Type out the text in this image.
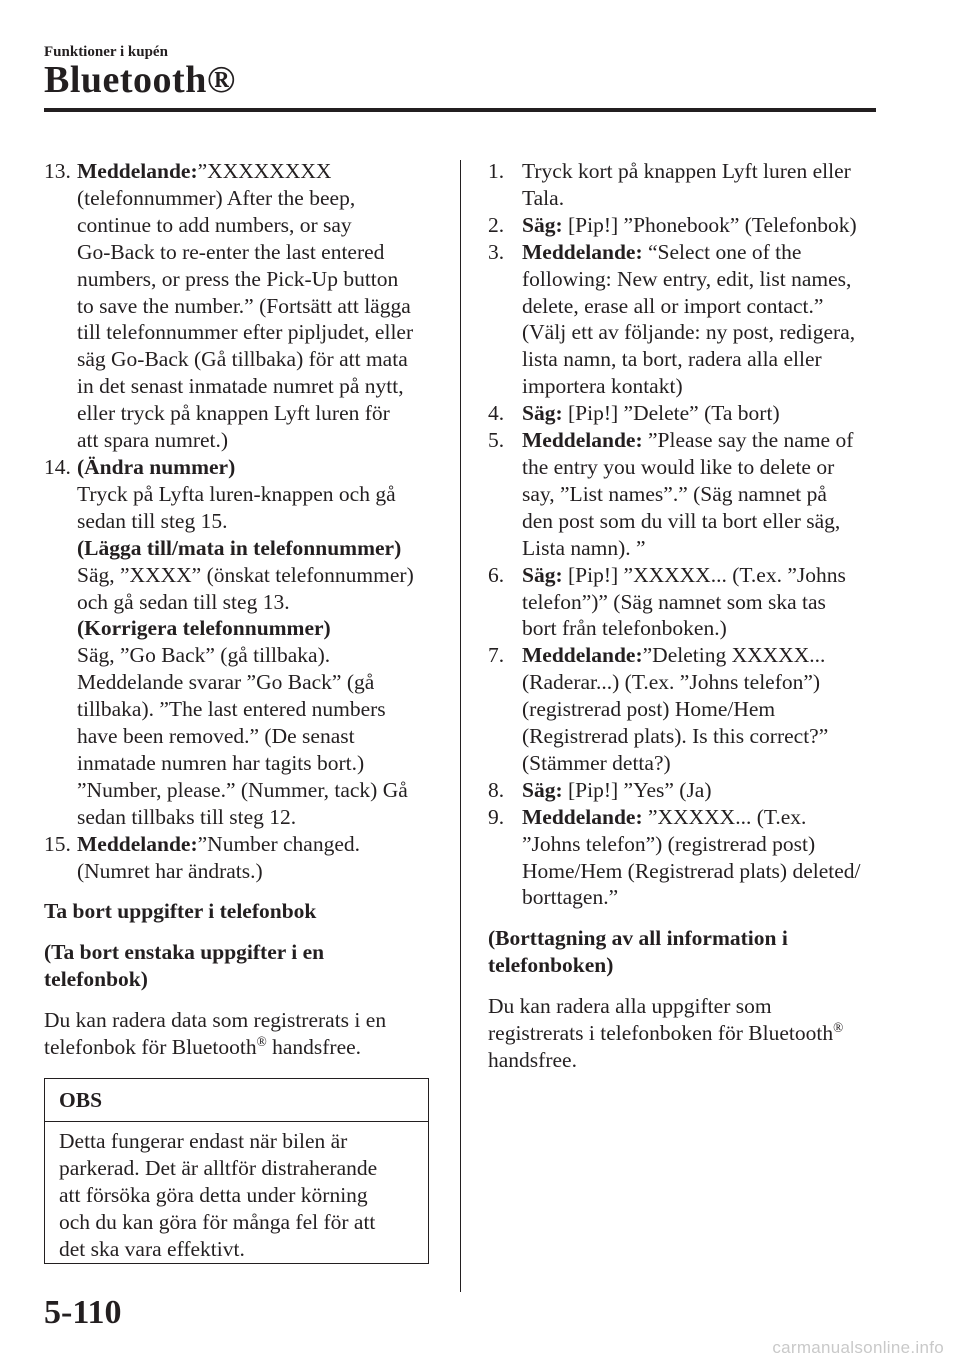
Funktioner i kupén
Bluetooth®
13. Meddelande:”XXXXXXXX
(telefonnummer) After the beep,
continue to add numbers, or say
Go-Back to re-enter the last entered
numbers, or press the Pick-Up button
to save the number.” (Fortsätt att lägga
till telefonnummer efter pipljudet, eller
säg Go-Back (Gå tillbaka) för att mata
in det senast inmatade numret på nytt,
eller tryck på knappen Lyft luren för
att spara numret.)
14. (Ändra nummer)
Tryck på Lyfta luren-knappen och gå
sedan till steg 15.
(Lägga till/mata in telefonnummer)
Säg, ”XXXX” (önskat telefonnummer)
och gå sedan till steg 13.
(Korrigera telefonnummer)
Säg, ”Go Back” (gå tillbaka).
Meddelande svarar ”Go Back” (gå
tillbaka). ”The last entered numbers
have been removed.” (De senast
inmatade numren har tagits bort.)
”Number, please.” (Nummer, tack) Gå
sedan tillbaks till steg 12.
15. Meddelande:”Number changed.
(Numret har ändrats.)
Ta bort uppgifter i telefonbok
(Ta bort enstaka uppgifter i en
telefonbok)
Du kan radera data som registrerats i en
telefonbok för Bluetooth® handsfree.
OBS
Detta fungerar endast när bilen är
parkerad. Det är alltför distraherande
att försöka göra detta under körning
och du kan göra för många fel för att
det ska vara effektivt.
1. Tryck kort på knappen Lyft luren eller
Tala.
2. Säg: [Pip!] ”Phonebook” (Telefonbok)
3. Meddelande: “Select one of the
following: New entry, edit, list names,
delete, erase all or import contact.”
(Välj ett av följande: ny post, redigera,
lista namn, ta bort, radera alla eller
importera kontakt)
4. Säg: [Pip!] ”Delete” (Ta bort)
5. Meddelande: ”Please say the name of
the entry you would like to delete or
say, ”List names”.” (Säg namnet på
den post som du vill ta bort eller säg,
Lista namn). ”
6. Säg: [Pip!] ”XXXXX... (T.ex. ”Johns
telefon”)” (Säg namnet som ska tas
bort från telefonboken.)
7. Meddelande:”Deleting XXXXX...
(Raderar...) (T.ex. ”Johns telefon”)
(registrerad post) Home/Hem
(Registrerad plats). Is this correct?”
(Stämmer detta?)
8. Säg: [Pip!] ”Yes” (Ja)
9. Meddelande: ”XXXXX... (T.ex.
”Johns telefon”) (registrerad post)
Home/Hem (Registrerad plats) deleted/
borttagen.”
(Borttagning av all information i
telefonboken)
Du kan radera alla uppgifter som
registrerats i telefonboken för Bluetooth®
handsfree.
5-110
carmanualsonline.info
